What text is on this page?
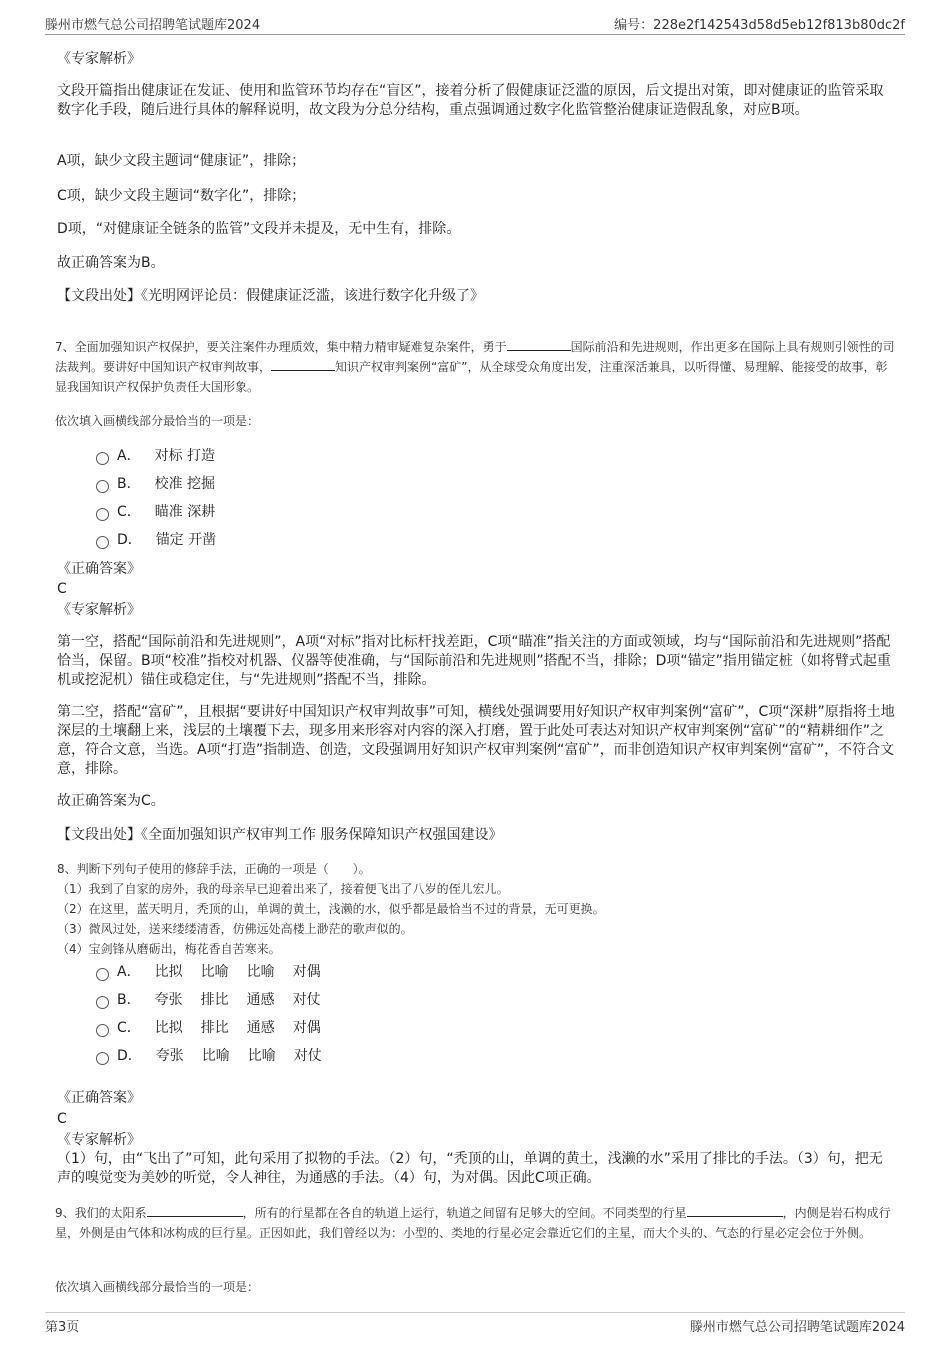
滕州市燃气总公司招聘笔试题库2024	编号：228e2f142543d58d5eb12f813b80dc2f
《专家解析》
文段开篇指出健康证在发证、使用和监管环节均存在“盲区”，接着分析了假健康证泛滥的原因，后文提出对策，即对健康证的监管采取数字化手段，随后进行具体的解释说明，故文段为分总分结构，重点强调通过数字化监管整治健康证造假乱象，对应B项。
A项，缺少文段主题词“健康证”，排除；
C项，缺少文段主题词“数字化”，排除；
D项，“对健康证全链条的监管”文段并未提及，无中生有，排除。
故正确答案为B。
【文段出处】《光明网评论员：假健康证泛滥，该进行数字化升级了》
7、全面加强知识产权保护，要关注案件办理质效，集中精力精审疑难复杂案件，勇于	国际前沿和先进规则，作出更多在国际上具有规则引领性的司法裁判。要讲好中国知识产权审判故事，	知识产权审判案例“富矿”，从全球受众角度出发，注重深活兼具，以听得懂、易理解、能接受的故事，彰显我国知识产权保护负责任大国形象。
依次填入画横线部分最恰当的一项是：
A． 对标 打造
B． 校准 挖掘
C． 瞄准 深耕
D． 锚定 开凿
《正确答案》
C
《专家解析》
第一空，搭配“国际前沿和先进规则”，A项“对标”指对比标杆找差距，C项“瞄准”指关注的方面或领域，均与“国际前沿和先进规则”搭配恰当，保留。B项“校准”指校对机器、仪器等使准确，与“国际前沿和先进规则”搭配不当，排除；D项“锚定”指用锚定桩（如将臂式起重机或挖泥机）锚住或稳定住，与“先进规则”搭配不当，排除。
第二空，搭配“富矿”，且根据“要讲好中国知识产权审判故事”可知，横线处强调要用好知识产权审判案例“富矿”，C项“深耕”原指将土地深层的土壤翻上来，浅层的土壤覆下去，现多用来形容对内容的深入打磨，置于此处可表达对知识产权审判案例“富矿”的“精耕细作”之意，符合文意，当选。A项“打造”指制造、创造，文段强调用好知识产权审判案例“富矿”，而非创造知识产权审判案例“富矿”，不符合文意，排除。
故正确答案为C。
【文段出处】《全面加强知识产权审判工作 服务保障知识产权强国建设》
8、判断下列句子使用的修辞手法，正确的一项是（　　）。
（1）我到了自家的房外，我的母亲早已迎着出来了，接着便飞出了八岁的侄儿宏儿。
（2）在这里，蓝天明月，秃顶的山，单调的黄土，浅濑的水，似乎都是最恰当不过的背景，无可更换。
（3）微风过处，送来缕缕清香，仿佛远处高楼上渺茫的歌声似的。
（4）宝剑锋从磨砺出，梅花香自苦寒来。
A． 比拟 比喻 比喻 对偶
B． 夸张 排比 通感 对仗
C． 比拟 排比 通感 对偶
D． 夸张 比喻 比喻 对仗
《正确答案》
C
《专家解析》
（1）句，由“飞出了”可知，此句采用了拟物的手法。（2）句，“秃顶的山，单调的黄土，浅濑的水”采用了排比的手法。（3）句，把无声的嗅觉变为美妙的听觉，令人神往，为通感的手法。（4）句，为对偶。因此C项正确。
9、我们的太阳系	，所有的行星都在各自的轨道上运行，轨道之间留有足够大的空间。不同类型的行星	，内侧是岩石构成行星，外侧是由气体和冰构成的巨行星。正因如此，我们曾经以为：小型的、类地的行星必定会靠近它们的主星，而大个头的、气态的行星必定会位于外侧。
依次填入画横线部分最恰当的一项是：
第3页	滕州市燃气总公司招聘笔试题库2024
